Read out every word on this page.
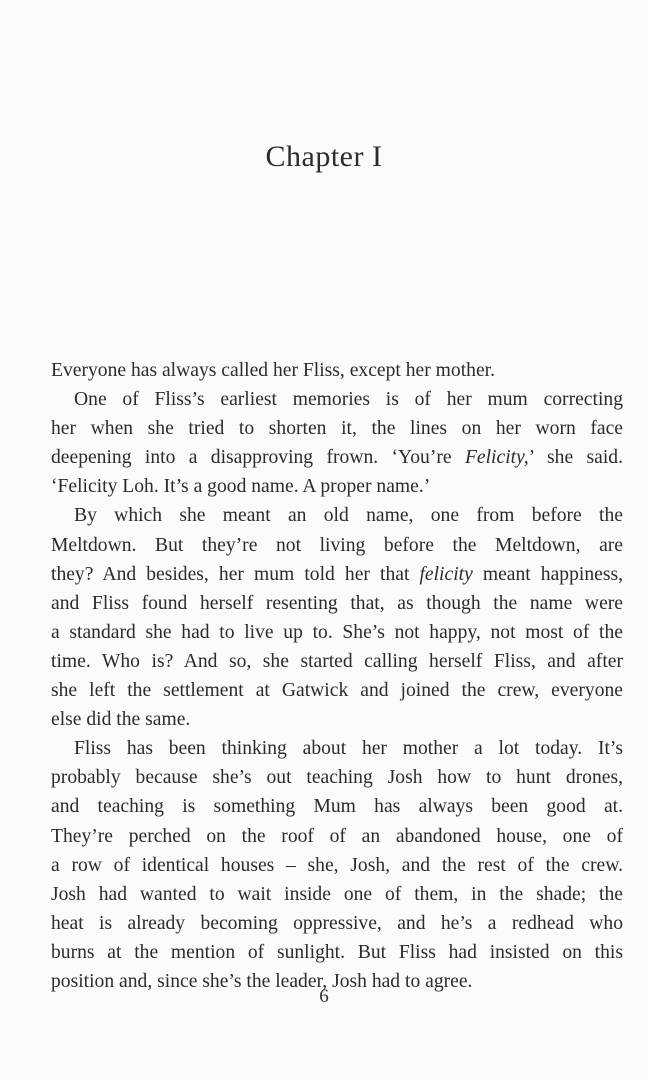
Chapter I
Everyone has always called her Fliss, except her mother.
One of Fliss’s earliest memories is of her mum correcting
her when she tried to shorten it, the lines on her worn face
deepening into a disapproving frown. ‘You’re Felicity,’ she said.
‘Felicity Loh. It’s a good name. A proper name.’
By which she meant an old name, one from before the
Meltdown. But they’re not living before the Meltdown, are
they? And besides, her mum told her that felicity meant happiness,
and Fliss found herself resenting that, as though the name were
a standard she had to live up to. She’s not happy, not most of the
time. Who is? And so, she started calling herself Fliss, and after
she left the settlement at Gatwick and joined the crew, everyone
else did the same.
Fliss has been thinking about her mother a lot today. It’s
probably because she’s out teaching Josh how to hunt drones,
and teaching is something Mum has always been good at.
They’re perched on the roof of an abandoned house, one of
a row of identical houses – she, Josh, and the rest of the crew.
Josh had wanted to wait inside one of them, in the shade; the
heat is already becoming oppressive, and he’s a redhead who
burns at the mention of sunlight. But Fliss had insisted on this
position and, since she’s the leader, Josh had to agree.
6
